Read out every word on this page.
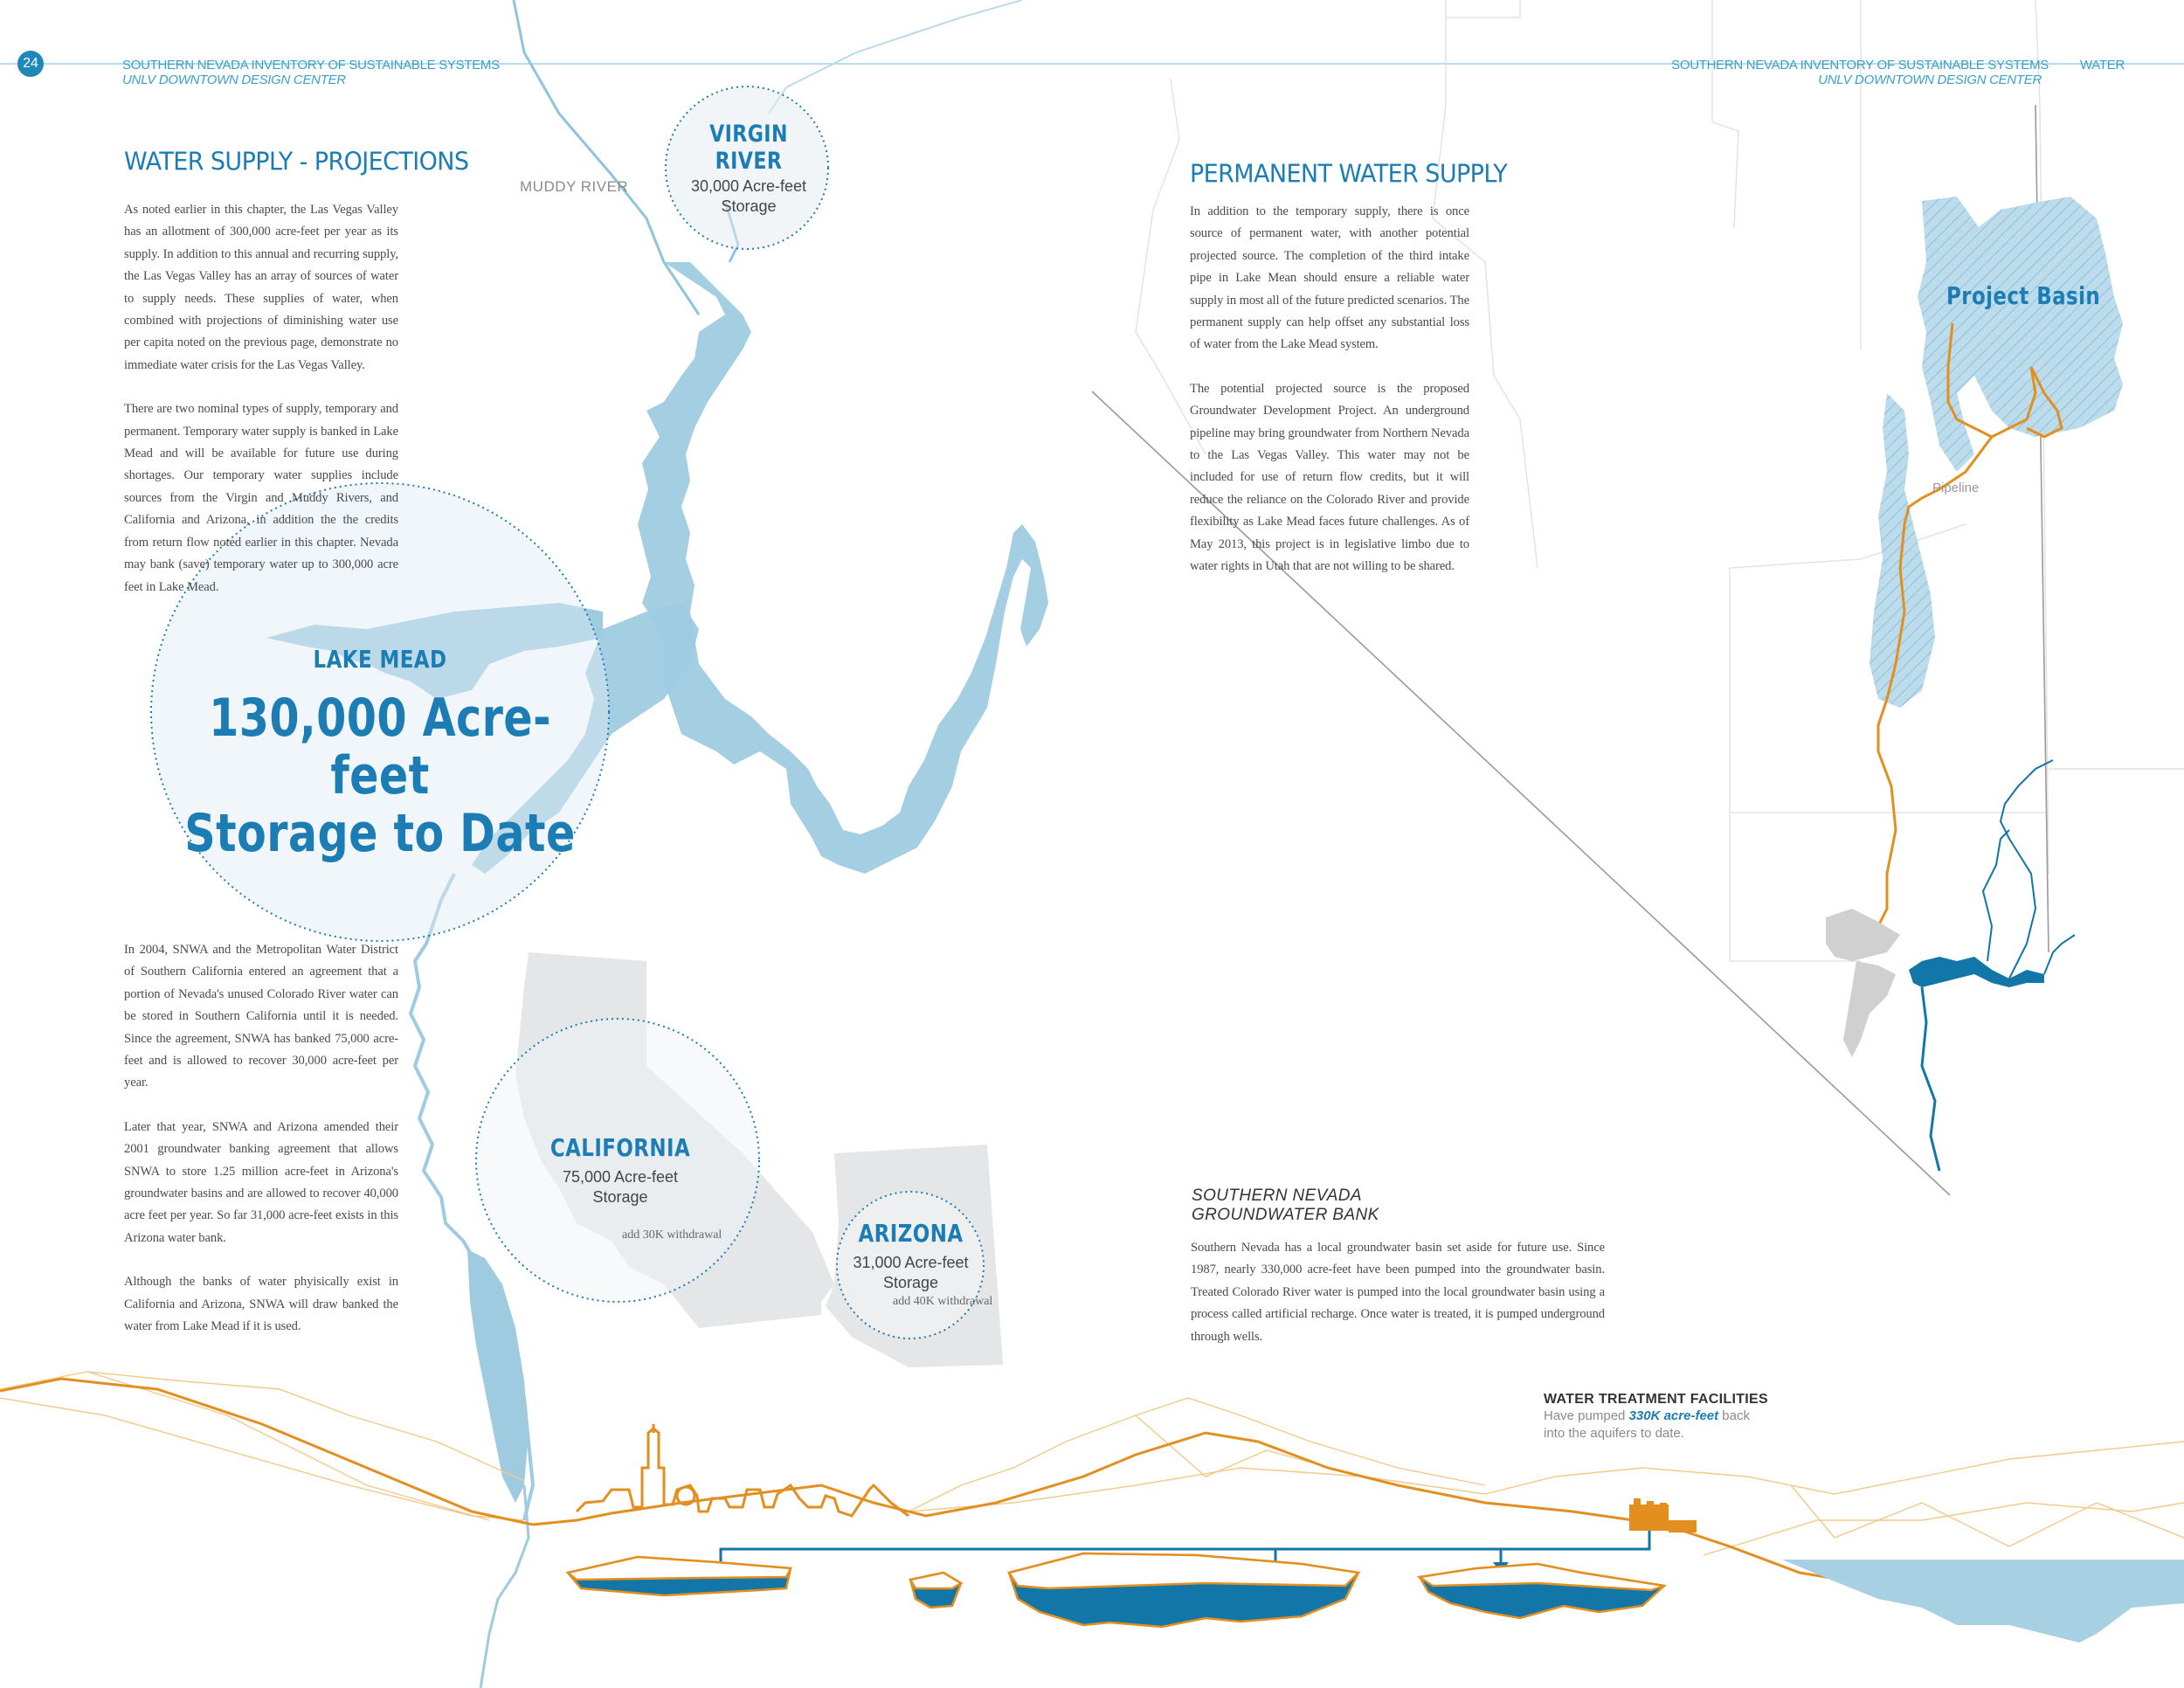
24	SOUTHERN NEVADA INVENTORY OF SUSTAINABLE SYSTEMS
UNLV DOWNTOWN DESIGN CENTER
SOUTHERN NEVADA INVENTORY OF SUSTAINABLE SYSTEMS WATER
UNLV DOWNTOWN DESIGN CENTER
WATER SUPPLY - PROJECTIONS

As noted earlier in this chapter, the Las Vegas Valley has an allotment of 300,000 acre-feet per year as its supply. In addition to this annual and recurring supply, the Las Vegas Valley has an array of sources of water to supply needs. These supplies of water, when combined with projections of diminishing water use per capita noted on the previous page, demonstrate no immediate water crisis for the Las Vegas Valley.

There are two nominal types of supply, temporary and permanent. Temporary water supply is banked in Lake Mead and will be available for future use during shortages. Our temporary water supplies include sources from the Virgin and Muddy Rivers, and California and Arizona, in addition the the credits from return flow noted earlier in this chapter. Nevada may bank (save) temporary water up to 300,000 acre feet in Lake Mead.

In 2004, SNWA and the Metropolitan Water District of Southern California entered an agreement that a portion of Nevada's unused Colorado River water can be stored in Southern California until it is needed. Since the agreement, SNWA has banked 75,000 acre-feet and is allowed to recover 30,000 acre-feet per year.

Later that year, SNWA and Arizona amended their 2001 groundwater banking agreement that allows SNWA to store 1.25 million acre-feet in Arizona's groundwater basins and are allowed to recover 40,000 acre feet per year. So far 31,000 acre-feet exists in this Arizona water bank.

Although the banks of water phyisically exist in California and Arizona, SNWA will draw banked the water from Lake Mead if it is used.

MUDDY RIVER
VIRGIN RIVER
30,000 Acre-feet
Storage
LAKE MEAD
130,000 Acre-feet
Storage to Date
CALIFORNIA
75,000 Acre-feet
Storage
add 30K withdrawal	ARIZONA
31,000 Acre-feet
Storage
add 40K withdrawal
Project Basin
Pipeline
PERMANENT WATER SUPPLY

In addition to the temporary supply, there is once source of permanent water, with another potential projected source. The completion of the third intake pipe in Lake Mean should ensure a reliable water supply in most all of the future predicted scenarios. The permanent supply can help offset any substantial loss of water from the Lake Mead system.

The potential projected source is the proposed Groundwater Development Project. An underground pipeline may bring groundwater from Northern Nevada to the Las Vegas Valley. This water may not be included for use of return flow credits, but it will reduce the reliance on the Colorado River and provide flexibility as Lake Mead faces future challenges. As of May 2013, this project is in legislative limbo due to water rights in Utah that are not willing to be shared.

SOUTHERN NEVADA
GROUNDWATER BANK
Southern Nevada has a local groundwater basin set aside for future use. Since 1987, nearly 330,000 acre-feet have been pumped into the groundwater basin. Treated Colorado River water is pumped into the local groundwater basin using a process called artificial recharge. Once water is treated, it is pumped underground through wells.
WATER TREATMENT FACILITIES
Have pumped 330K acre-feet back
into the aquifers to date.
